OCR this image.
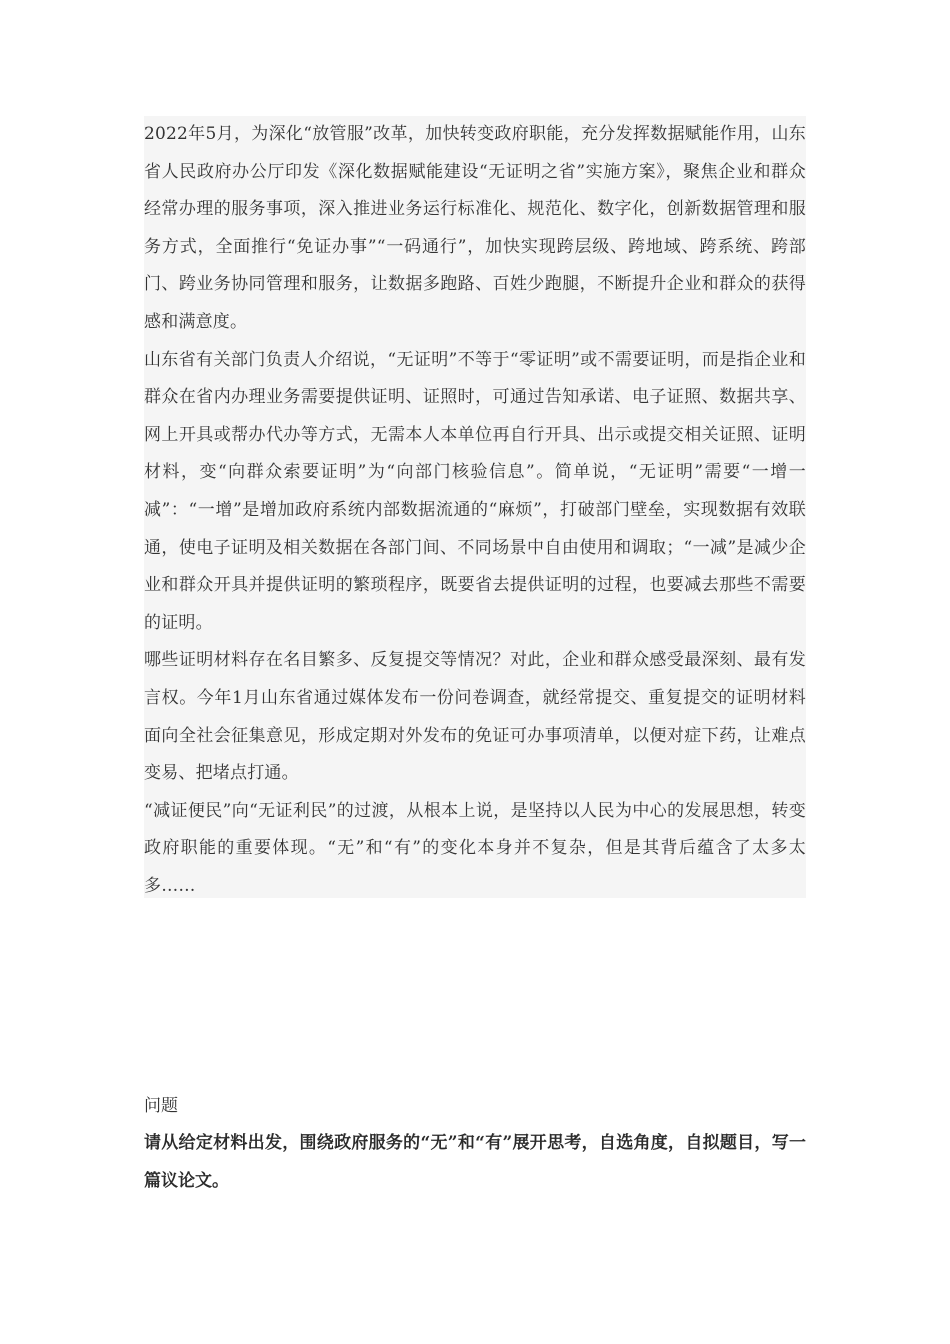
2022年5月，为深化“放管服”改革，加快转变政府职能，充分发挥数据赋能作用，山东省人民政府办公厅印发《深化数据赋能建设“无证明之省”实施方案》，聚焦企业和群众经常办理的服务事项，深入推进业务运行标准化、规范化、数字化，创新数据管理和服务方式，全面推行“免证办事”“一码通行”，加快实现跨层级、跨地域、跨系统、跨部门、跨业务协同管理和服务，让数据多跑路、百姓少跑腿，不断提升企业和群众的获得感和满意度。

山东省有关部门负责人介绍说，“无证明”不等于“零证明”或不需要证明，而是指企业和群众在省内办理业务需要提供证明、证照时，可通过告知承诺、电子证照、数据共享、网上开具或帮办代办等方式，无需本人本单位再自行开具、出示或提交相关证照、证明材料，变“向群众索要证明”为“向部门核验信息”。简单说，“无证明”需要“一增一减”：“一增”是增加政府系统内部数据流通的“麻烦”，打破部门壁垒，实现数据有效联通，使电子证明及相关数据在各部门间、不同场景中自由使用和调取；“一减”是减少企业和群众开具并提供证明的繁琐程序，既要省去提供证明的过程，也要减去那些不需要的证明。

哪些证明材料存在名目繁多、反复提交等情况？对此，企业和群众感受最深刻、最有发言权。今年1月山东省通过媒体发布一份问卷调查，就经常提交、重复提交的证明材料面向全社会征集意见，形成定期对外发布的免证可办事项清单，以便对症下药，让难点变易、把堵点打通。

“减证便民”向“无证利民”的过渡，从根本上说，是坚持以人民为中心的发展思想，转变政府职能的重要体现。“无”和“有”的变化本身并不复杂，但是其背后蕴含了太多太多……

问题

请从给定材料出发，围绕政府服务的“无”和“有”展开思考，自选角度，自拟题目，写一篇议论文。
